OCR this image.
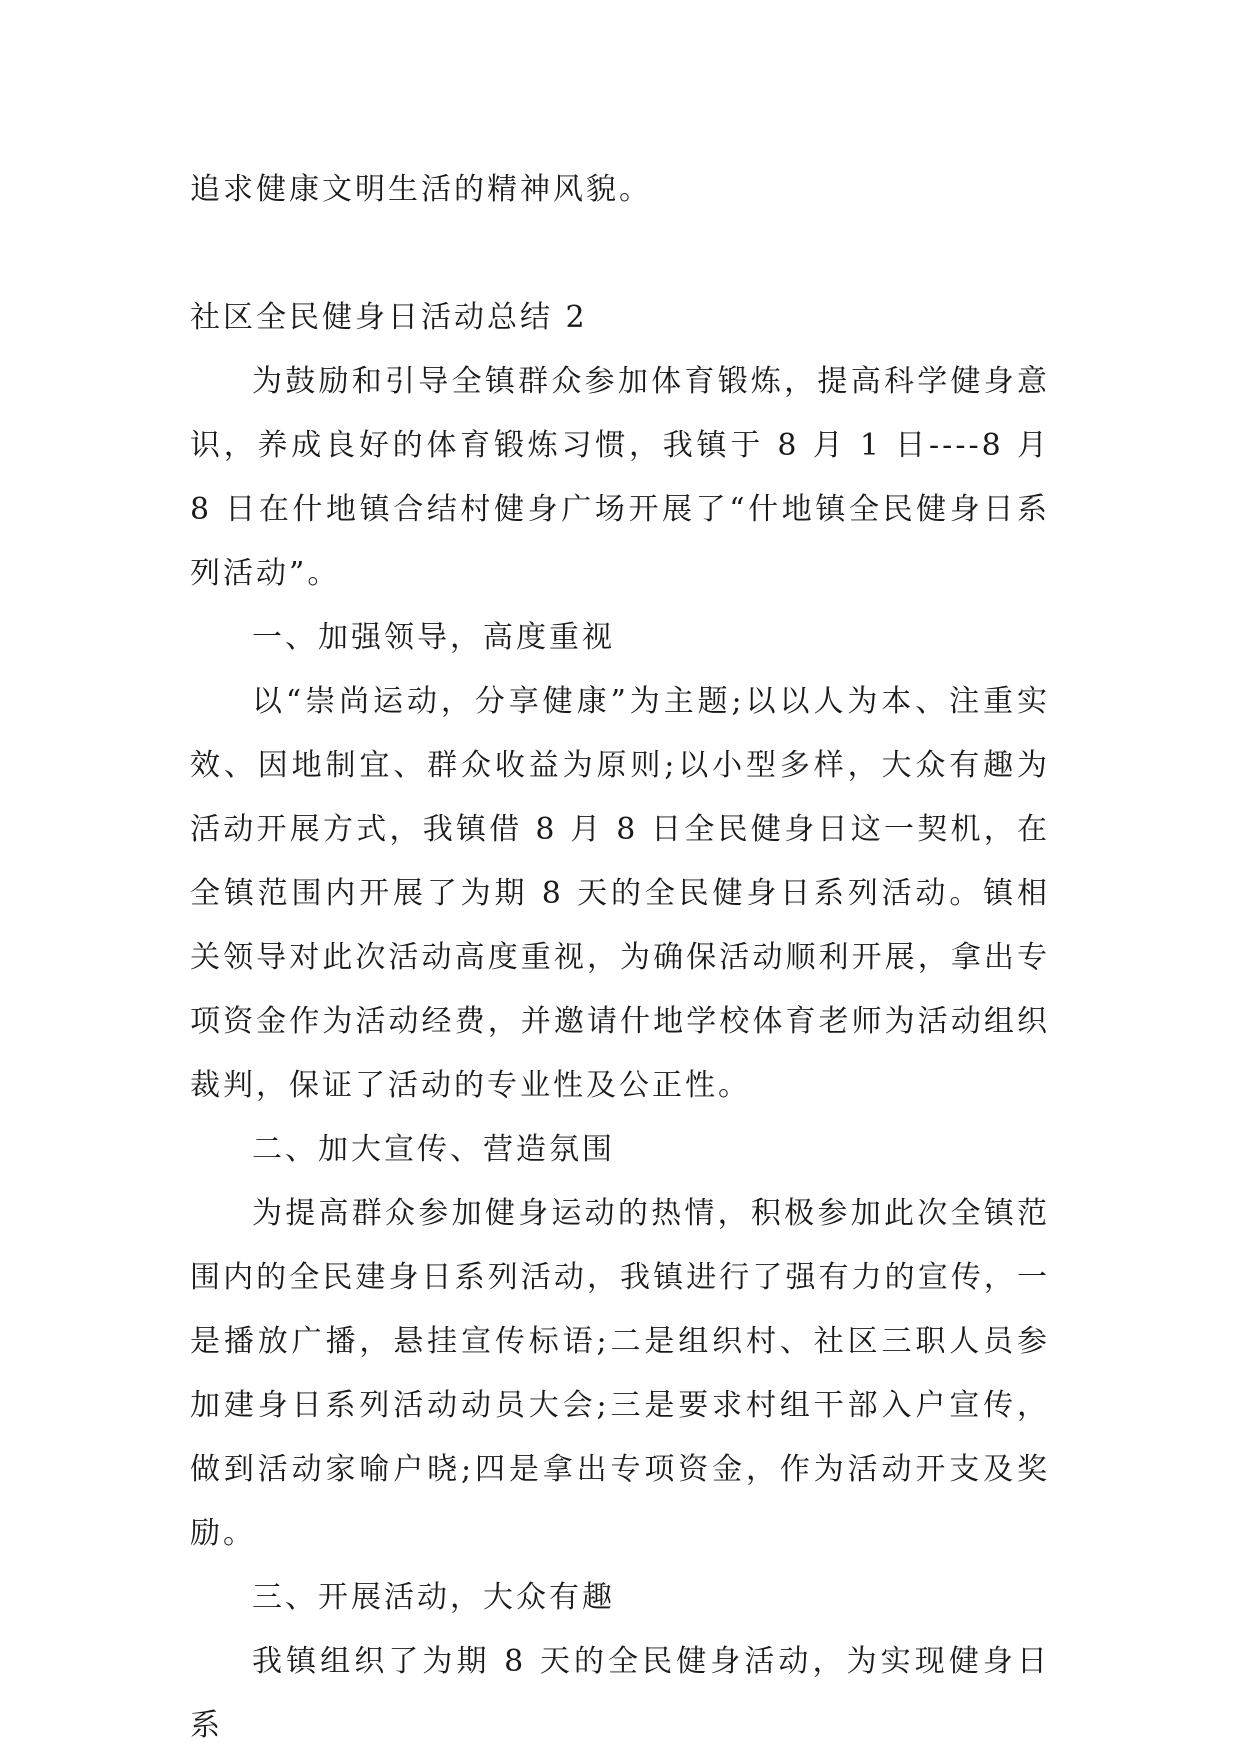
追求健康文明生活的精神风貌。

社区全民健身日活动总结 2

为鼓励和引导全镇群众参加体育锻炼，提高科学健身意识，养成良好的体育锻炼习惯，我镇于 8 月 1 日----8 月 8 日在什地镇合结村健身广场开展了“什地镇全民健身日系列活动”。

一、加强领导，高度重视

以“崇尚运动，分享健康”为主题;以以人为本、注重实效、因地制宜、群众收益为原则;以小型多样，大众有趣为活动开展方式，我镇借 8 月 8 日全民健身日这一契机，在全镇范围内开展了为期 8 天的全民健身日系列活动。镇相关领导对此次活动高度重视，为确保活动顺利开展，拿出专项资金作为活动经费，并邀请什地学校体育老师为活动组织裁判，保证了活动的专业性及公正性。

二、加大宣传、营造氛围

为提高群众参加健身运动的热情，积极参加此次全镇范围内的全民建身日系列活动，我镇进行了强有力的宣传，一是播放广播，悬挂宣传标语;二是组织村、社区三职人员参加建身日系列活动动员大会;三是要求村组干部入户宣传，做到活动家喻户晓;四是拿出专项资金，作为活动开支及奖励。

三、开展活动，大众有趣

我镇组织了为期 8 天的全民健身活动，为实现健身日系
